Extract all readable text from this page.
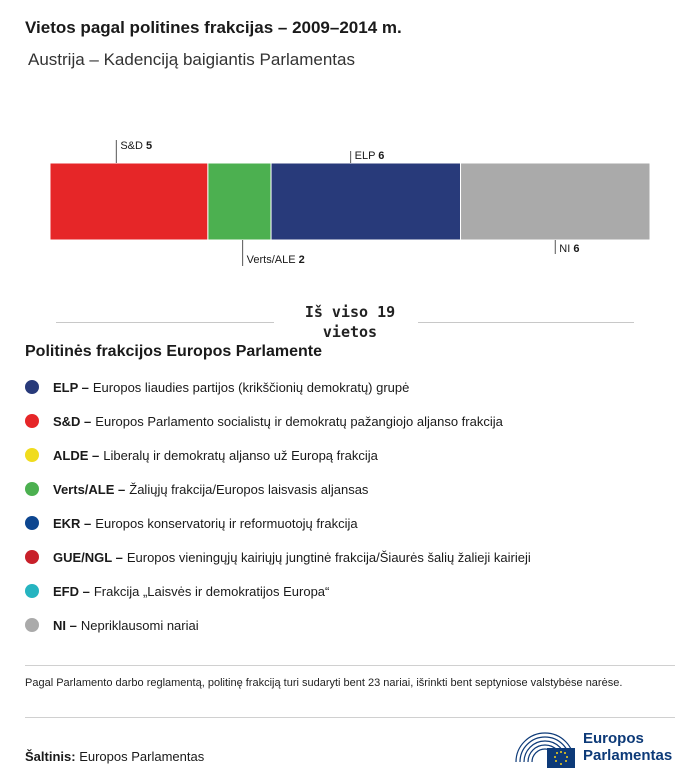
Vietos pagal politines frakcijas – 2009–2014 m.
Austrija – Kadenciją baigiantis Parlamentas
S&D 5
Verts/ALE 2
ELP 6
NI 6
Iš viso 19 vietos
Politinės frakcijos Europos Parlamente
ELP – Europos liaudies partijos (krikščionių demokratų) grupė
S&D – Europos Parlamento socialistų ir demokratų pažangiojo aljanso frakcija
ALDE – Liberalų ir demokratų aljanso už Europą frakcija
Verts/ALE – Žaliųjų frakcija/Europos laisvasis aljansas
EKR – Europos konservatorių ir reformuotojų frakcija
GUE/NGL – Europos vieningųjų kairiųjų jungtinė frakcija/Šiaurės šalių žalieji kairieji
EFD – Frakcija „Laisvės ir demokratijos Europa“
NI – Nepriklausomi nariai
Pagal Parlamento darbo reglamentą, politinę frakciją turi sudaryti bent 23 nariai, išrinkti bent septyniose valstybėse narėse.
Šaltinis: Europos Parlamentas
Europos
Parlamentas
